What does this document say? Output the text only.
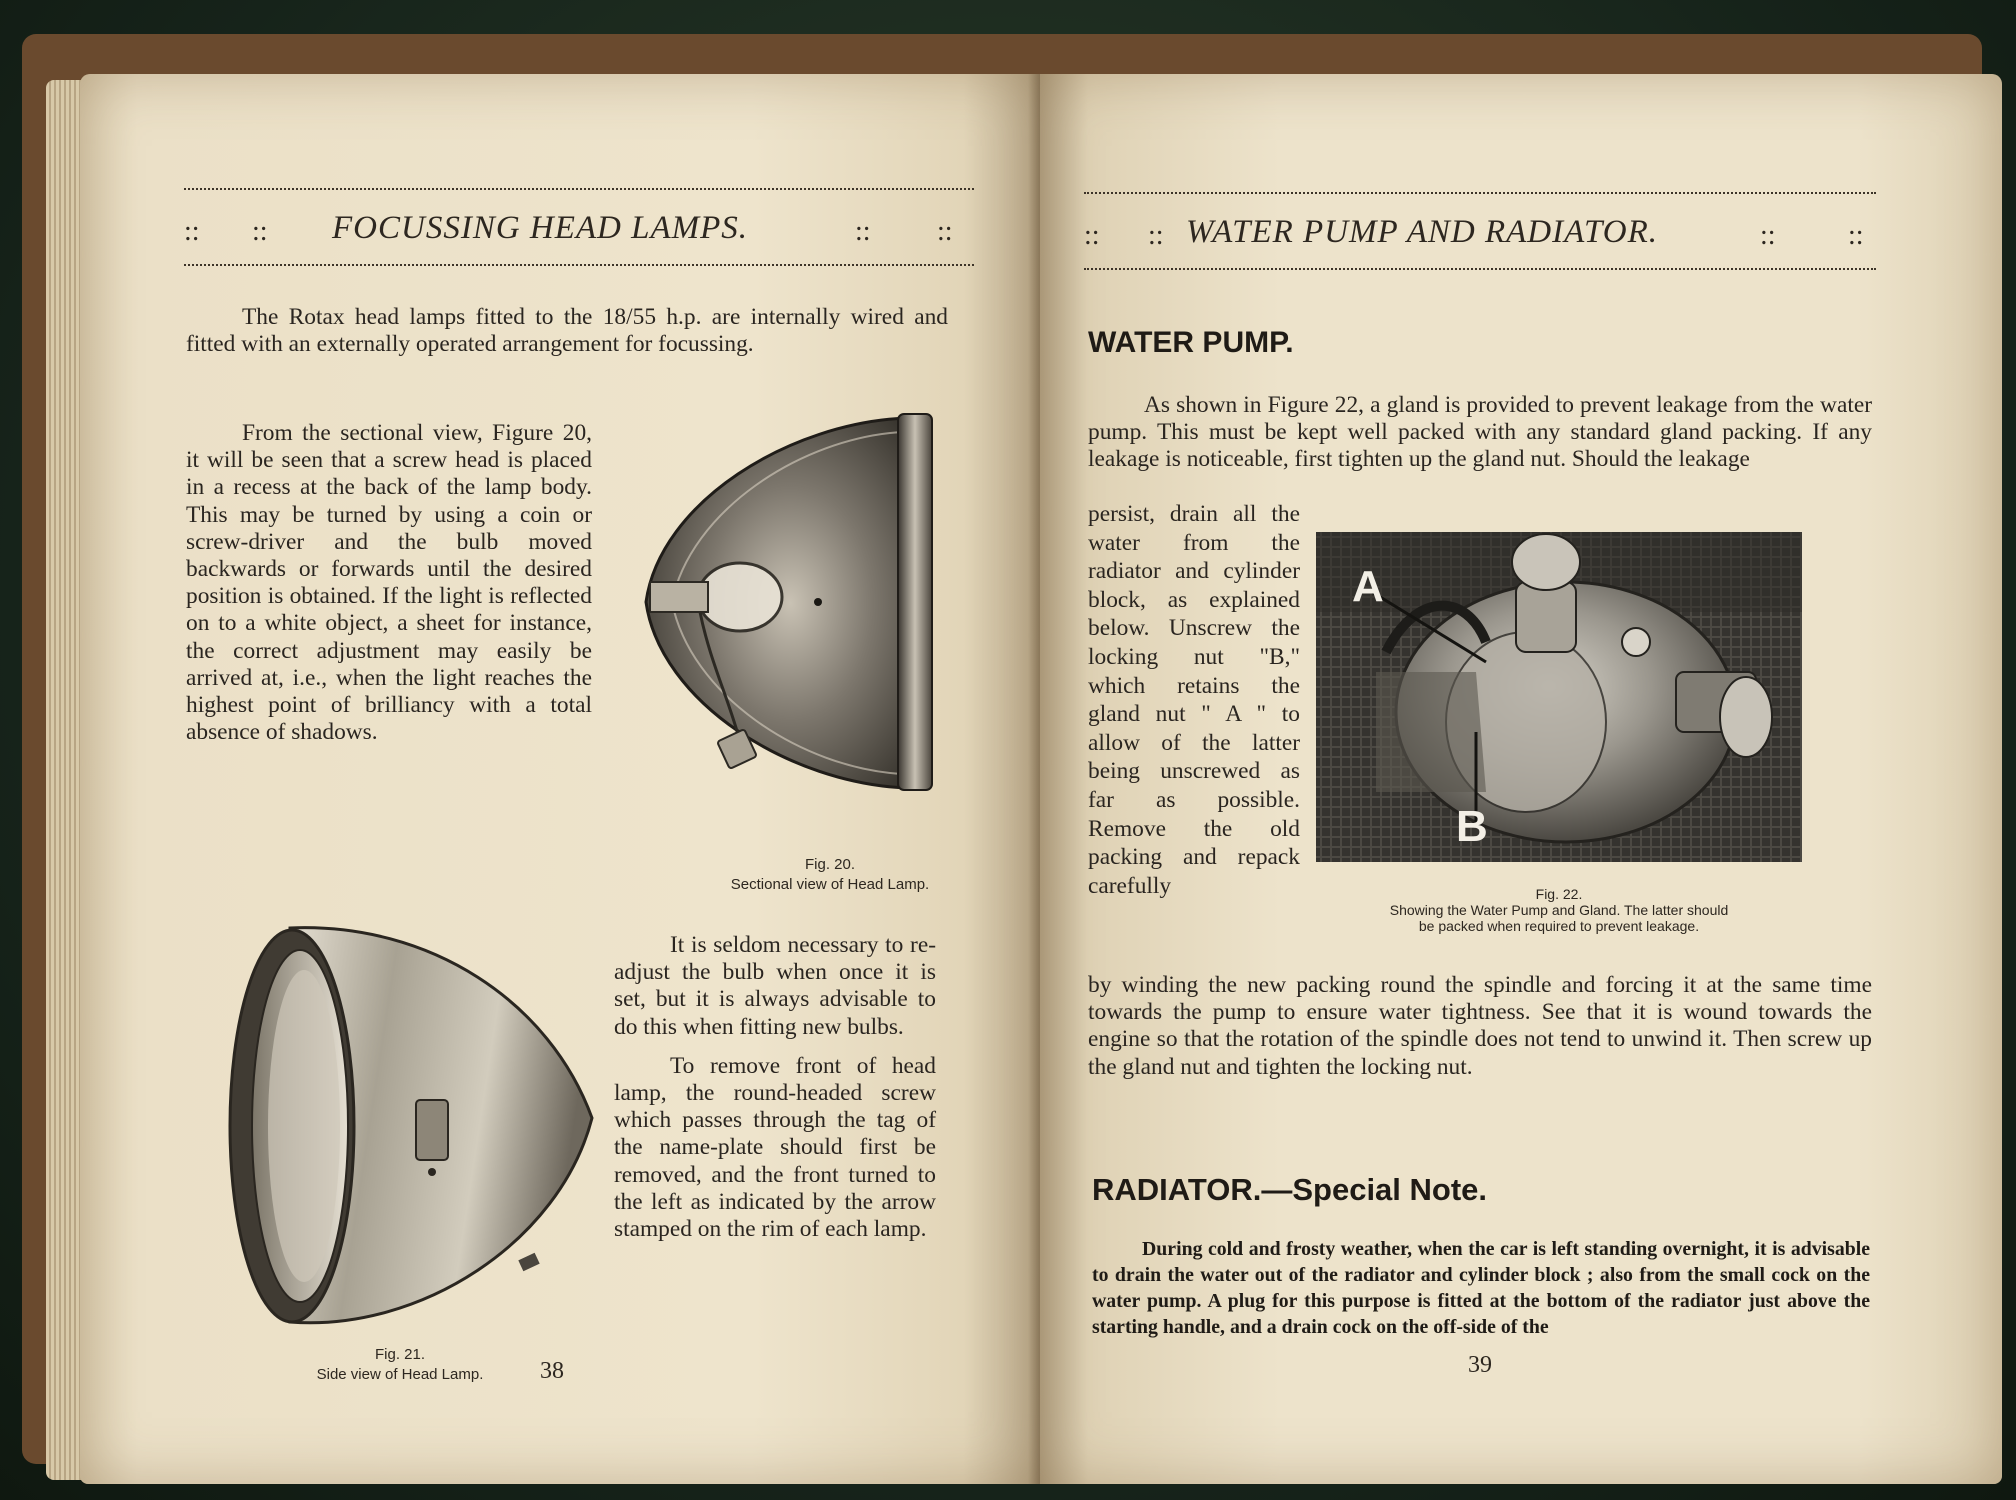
:: :: FOCUSSING HEAD LAMPS.	:: ::

The Rotax head lamps fitted to the 18/55 h.p. are internally wired and fitted with an externally operated arrangement for focussing.

From the sectional view, Figure 20, it will be seen that a screw head is placed in a recess at the back of the lamp body. This may be turned by using a coin or screw-driver and the bulb moved backwards or forwards until the desired position is obtained. If the light is reflected on to a white object, a sheet for instance, the correct adjustment may easily be arrived at, i.e., when the light reaches the highest point of brilliancy with a total absence of shadows.

Fig. 20.
Sectional view of Head Lamp.
Fig. 21.
Side view of Head Lamp.

It is seldom necessary to re-adjust the bulb when once it is set, but it is always advisable to do this when fitting new bulbs.

To remove front of head lamp, the round-headed screw which passes through the tag of the name-plate should first be removed, and the front turned to the left as indicated by the arrow stamped on the rim of each lamp.

38
:: :: WATER PUMP AND RADIATOR.	::	::
WATER PUMP.

As shown in Figure 22, a gland is provided to prevent leakage from the water pump. This must be kept well packed with any standard gland packing. If any leakage is noticeable, first tighten up the gland nut. Should the leakage

persist, drain all the water from the radiator and cylinder block, as explained below. Unscrew the locking nut "B," which retains the gland nut " A " to allow of the latter being unscrewed as far as possible. Remove the old packing and repack carefully

A
B
Fig. 22.
Showing the Water Pump and Gland. The latter should
be packed when required to prevent leakage.

by winding the new packing round the spindle and forcing it at the same time towards the pump to ensure water tightness. See that it is wound towards the engine so that the rotation of the spindle does not tend to unwind it. Then screw up the gland nut and tighten the locking nut.

RADIATOR.—Special Note.

During cold and frosty weather, when the car is left standing overnight, it is advisable to drain the water out of the radiator and cylinder block ; also from the small cock on the water pump. A plug for this purpose is fitted at the bottom of the radiator just above the starting handle, and a drain cock on the off-side of the

39
